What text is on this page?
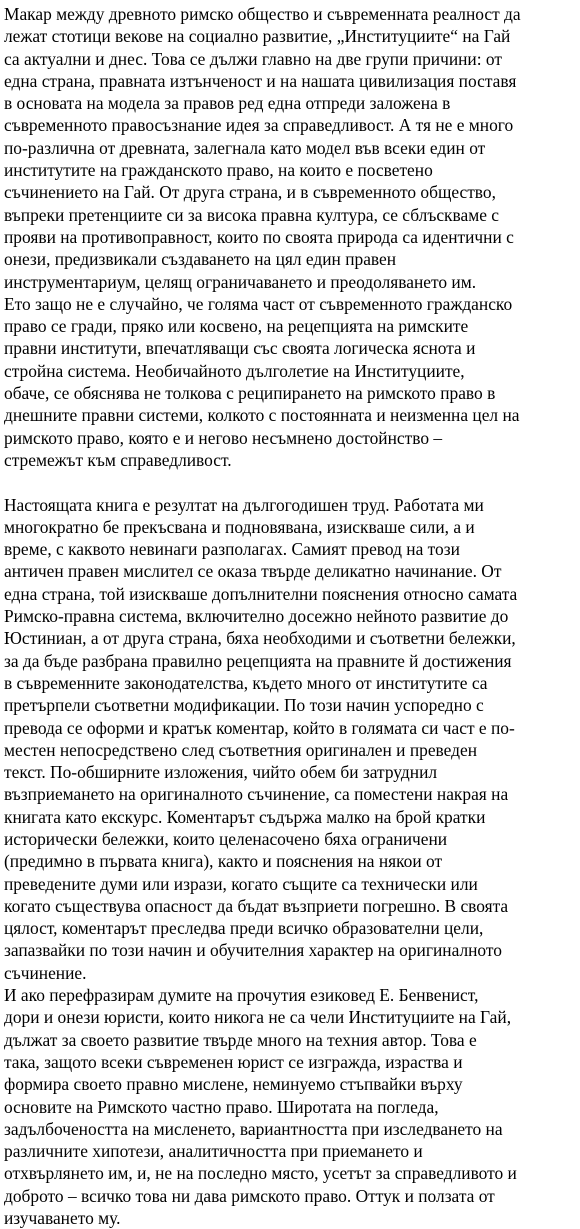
Макар между древното римско общество и съвременната реалност да
лежат стотици векове на социално развитие, „Институциите“ на Гай
са актуални и днес. Това се дължи главно на две групи причини: от
една страна, правната изтънченост и на нашата цивилизация поставя
в основата на модела за правов ред една отпреди заложена в
съвременното правосъзнание идея за справедливост. А тя не е много
по-различна от древната, залегнала като модел във всеки един от
институтите на гражданското право, на които е посветено
съчинението на Гай. От друга страна, и в съвременното общество,
въпреки претенциите си за висока правна култура, се сблъскваме с
прояви на противоправност, които по своята природа са идентични с
онези, предизвикали създаването на цял един правен
инструментариум, целящ ограничаването и преодоляването им.
Ето защо не е случайно, че голяма част от съвременното гражданско
право се гради, пряко или косвено, на рецепцията на римските
правни институти, впечатляващи със своята логическа яснота и
стройна система. Необичайното дълголетие на Институциите,
обаче, се обяснява не толкова с реципирането на римското право в
днешните правни системи, колкото с постоянната и неизменна цел на
римското право, която е и негово несъмнено достойнство –
стремежът към справедливост.
Настоящата книга е резултат на дългогодишен труд. Работата ми
многократно бе прекъсвана и подновявана, изискваше сили, а и
време, с каквото невинаги разполагах. Самият превод на този
античен правен мислител се оказа твърде деликатно начинание. От
една страна, той изискваше допълнителни пояснения относно самата
Римско-правна система, включително досежно нейното развитие до
Юстиниан, а от друга страна, бяха необходими и съответни бележки,
за да бъде разбрана правилно рецепцията на правните й достижения
в съвременните законодателства, където много от институтите са
претърпели съответни модификации. По този начин успоредно с
превода се оформи и кратък коментар, който в голямата си част е по-
местен непосредствено след съответния оригинален и преведен
текст. По-обширните изложения, чийто обем би затруднил
възприемането на оригиналното съчинение, са поместени накрая на
книгата като екскурс. Коментарът съдържа малко на брой кратки
исторически бележки, които целенасочено бяха ограничени
(предимно в първата книга), както и пояснения на някои от
преведените думи или изрази, когато същите са технически или
когато съществува опасност да бъдат възприети погрешно. В своята
цялост, коментарът преследва преди всичко образователни цели,
запазвайки по този начин и обучителния характер на оригиналното
съчинение.
И ако перефразирам думите на прочутия езиковед Е. Бенвенист,
дори и онези юристи, които никога не са чели Институциите на Гай,
дължат за своето развитие твърде много на техния автор. Това е
така, защото всеки съвременен юрист се изгражда, израства и
формира своето правно мислене, неминуемо стъпвайки върху
основите на Римското частно право. Широтата на погледа,
задълбочеността на мисленето, вариантността при изследването на
различните хипотези, аналитичността при приемането и
отхвърлянето им, и, не на последно място, усетът за справедливото и
доброто – всичко това ни дава римското право. Оттук и ползата от
изучаването му.
